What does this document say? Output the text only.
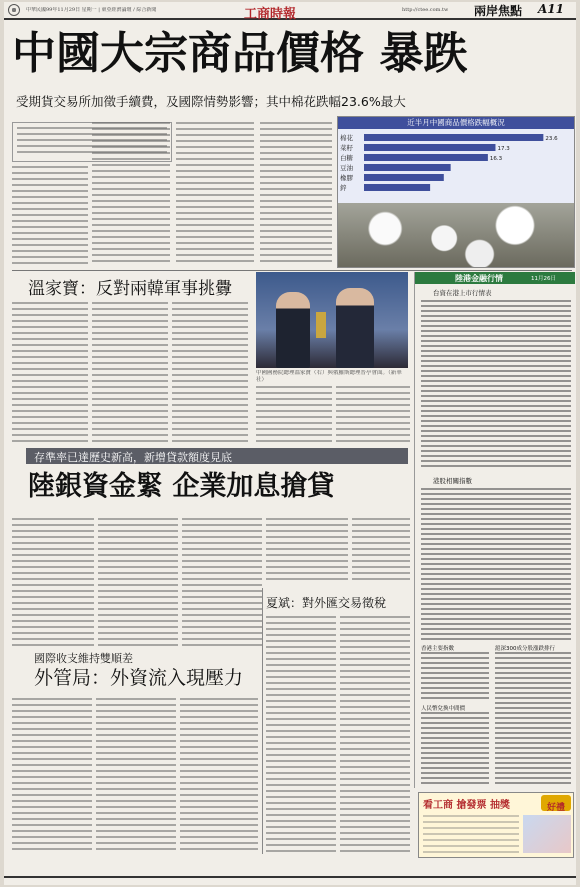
中華民國99年11月29日 星期一 | 東亞經濟論壇 / 綜合新聞	工商時報	http://ctee.com.tw 兩岸焦點 A11
中國大宗商品價格 暴跌
受期貨交易所加徵手續費，及國際情勢影響；其中棉花跌幅23.6%最大
近半月中國商品價格跌幅概況
棉花	23.6
菜籽	17.3
白糖	16.3
豆油
橡膠
鋅
溫家寶：反對兩韓軍事挑釁
中國國務院總理溫家寶（右）與俄羅斯總理普亭會面。（新華社）
陸港金融行情	11月26日
台資在港上市行情表
港股相關指數
香港主要指數	滬深300成分股漲跌排行
人民幣兌換中間價
存準率已達歷史新高，新增貸款額度見底
陸銀資金緊 企業加息搶貸
夏斌：對外匯交易徵稅
國際收支維持雙順差
外管局：外資流入現壓力
看工商 搶發票 抽獎	好禮
